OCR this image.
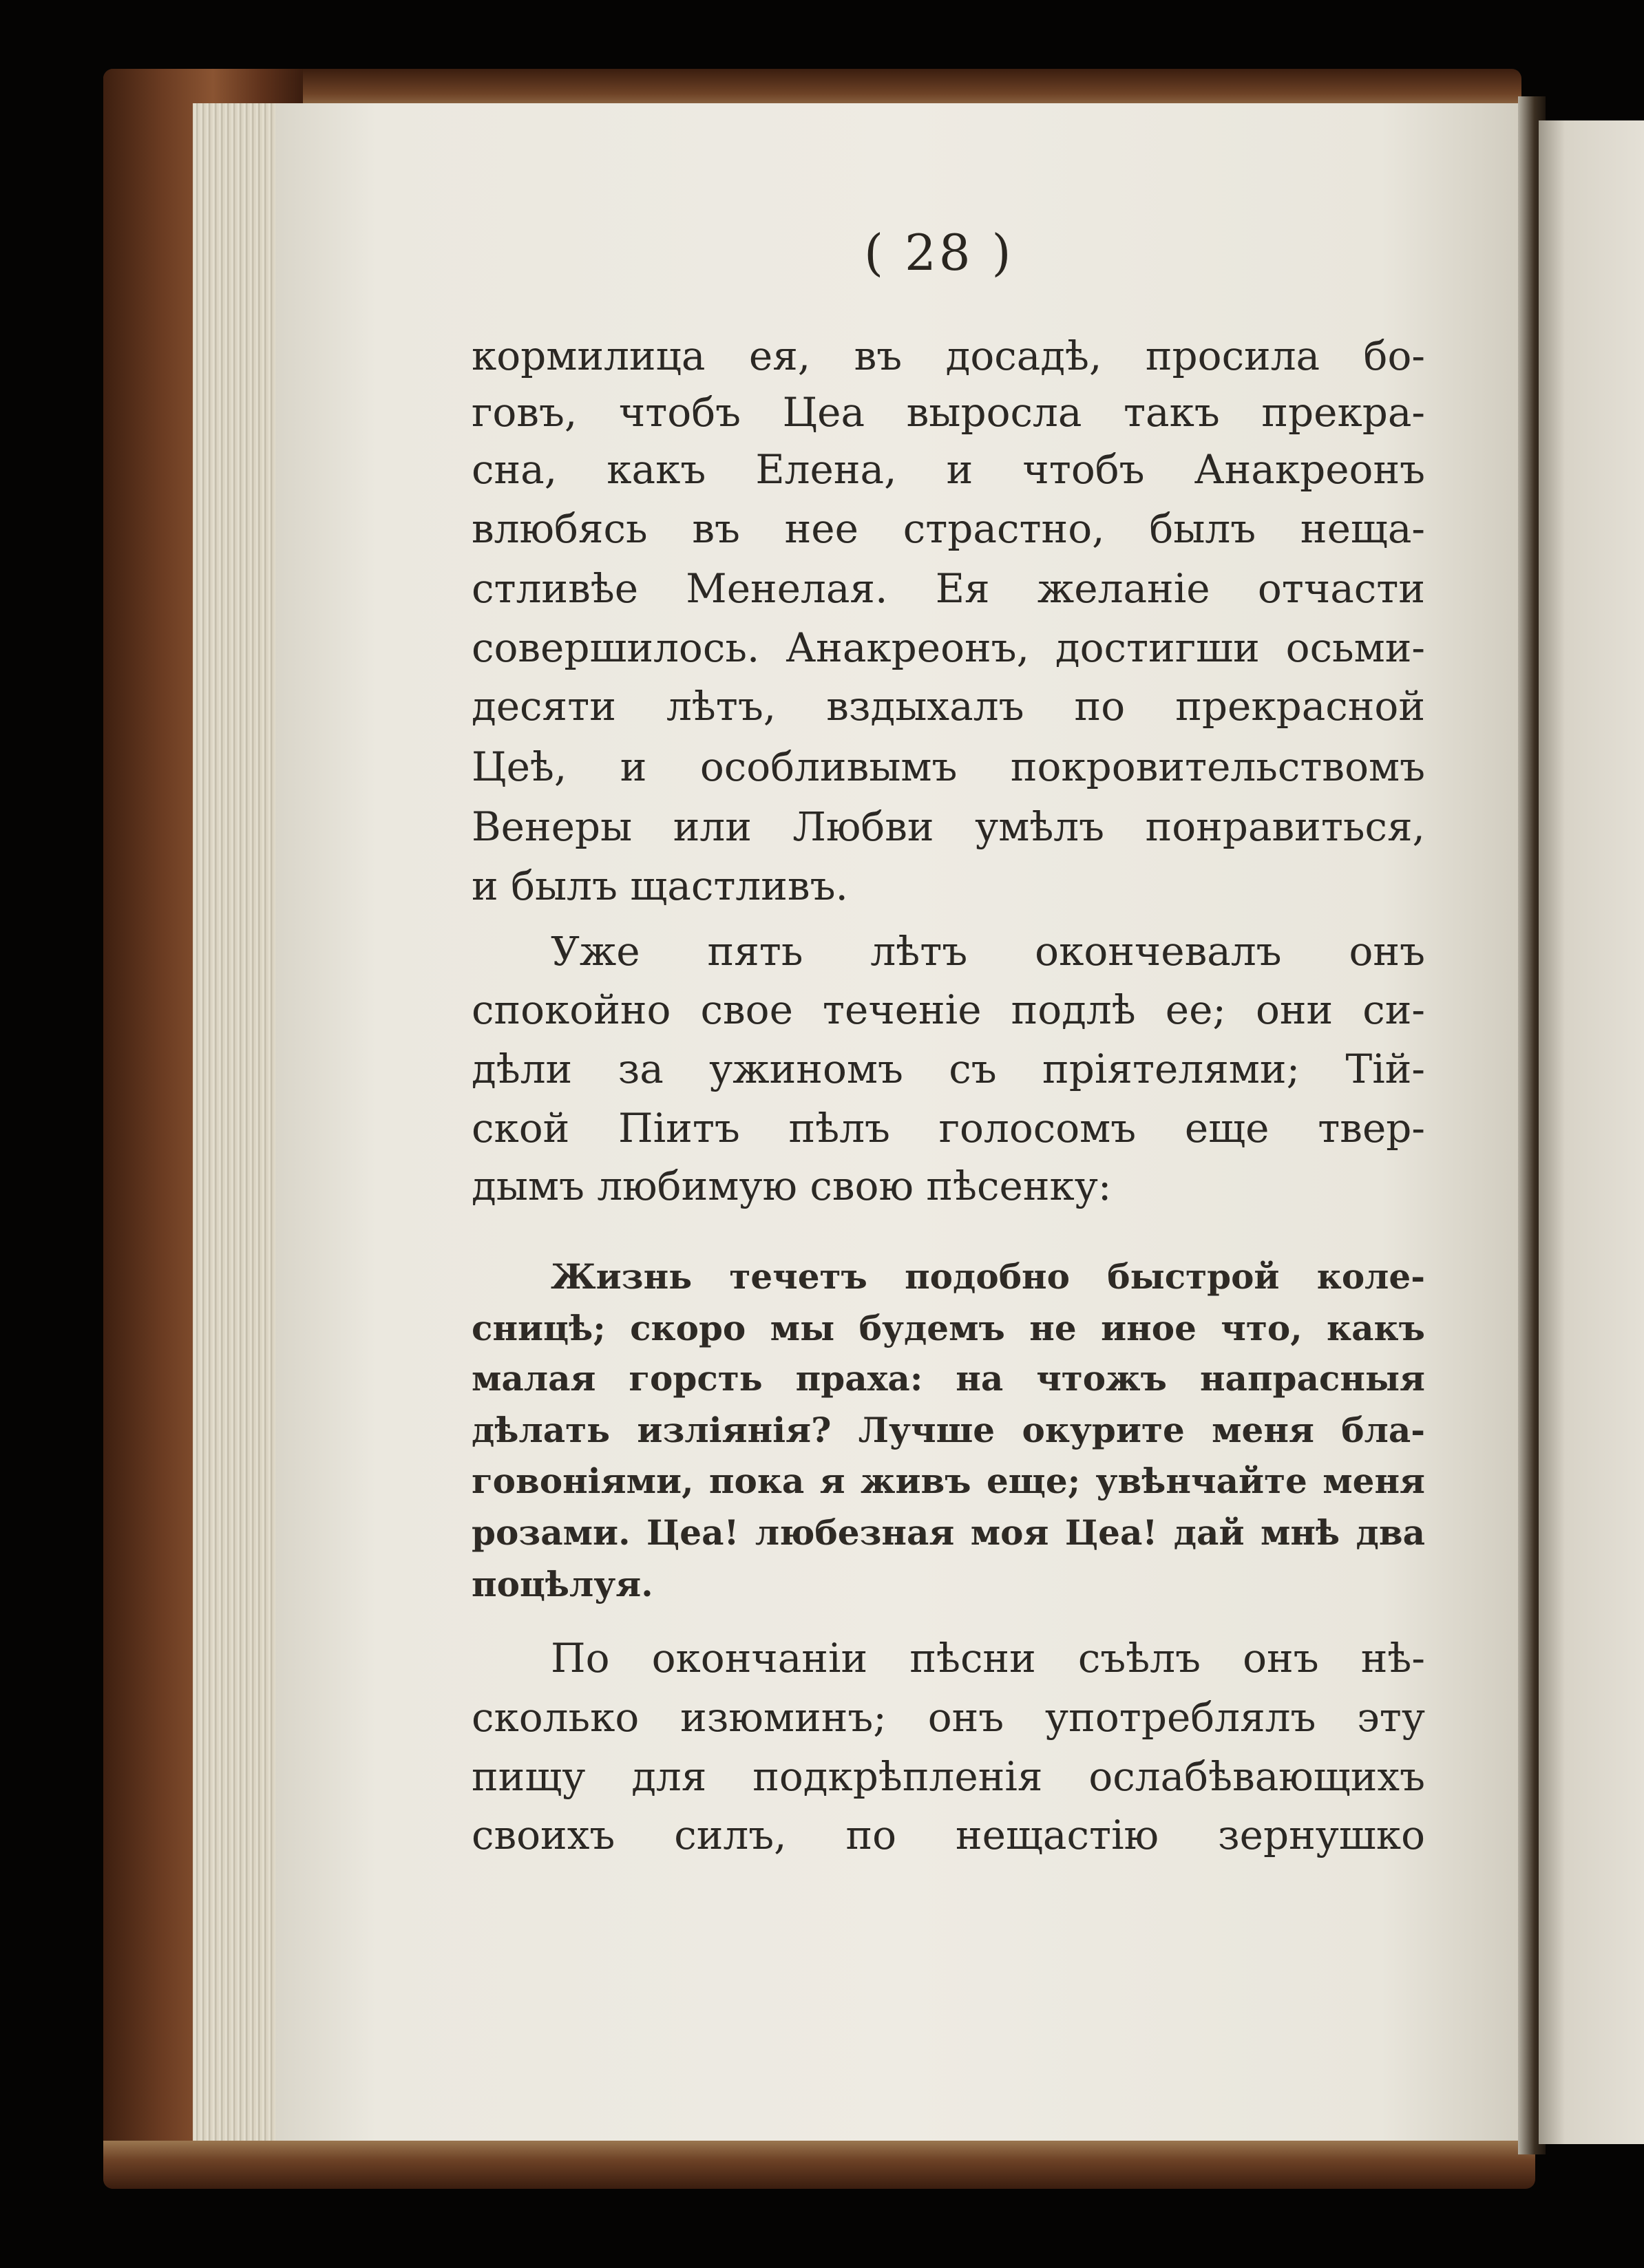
( 28 )
кормилица ея, въ досадѣ, просила бо-
говъ, чтобъ Цеа выросла такъ прекра-
сна, какъ Елена, и чтобъ Анакреонъ
влюбясь въ нее страстно, былъ нещa-
стливѣе Менелая. Ея желаніе отчасти
совершилось. Анакреонъ, достигши осьми-
десяти лѣтъ, вздыхалъ по прекрасной
Цеѣ, и особливымъ покровительствомъ
Венеры или Любви умѣлъ понравиться,
и былъ щастливъ.
Уже пять лѣтъ окончевалъ онъ
спокойно свое теченіе подлѣ ее; они си-
дѣли за ужиномъ съ пріятелями; Тій-
ской Піитъ пѣлъ голосомъ еще твер-
дымъ любимую свою пѣсенку:
Жизнь течетъ подобно быстрой коле-
сницѣ; скоро мы будемъ не иное что, какъ
малая горсть праха: на чтожъ напрасныя
дѣлать изліянія? Лучше окурите меня бла-
говоніями, пока я живъ еще; увѣнчайте меня
розами. Цеа! любезная моя Цеа! дай мнѣ два
поцѣлуя.
По окончаніи пѣсни съѣлъ онъ нѣ-
сколько изюминъ; онъ употреблялъ эту
пищу для подкрѣпленія ослабѣвающихъ
своихъ силъ, по нещастію зернушко
